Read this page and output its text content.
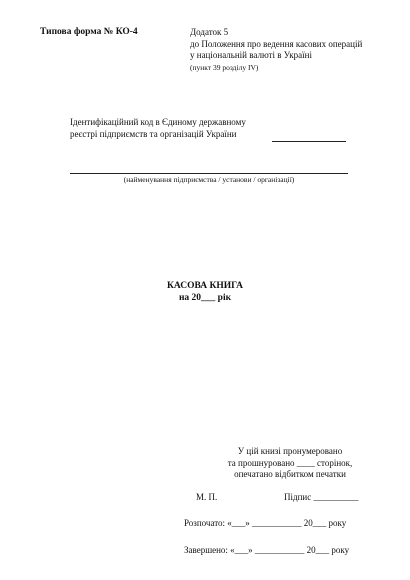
Типова форма № КО-4	Додаток 5
до Положення про ведення касових операцій
у національній валюті в Україні
(пункт 39 розділу IV)
Ідентифікаційний код в Єдиному державному
реєстрі підприємств та організацій України
(найменування підприємства / установи / організації)
КАСОВА КНИГА
на 20___ рік
У цій книзі пронумеровано
та прошнуровано ____ сторінок,
опечатано відбитком печатки
М. П.	Підпис __________
Розпочато: «___» ___________ 20___ року
Завершено: «___» ___________ 20___ року
